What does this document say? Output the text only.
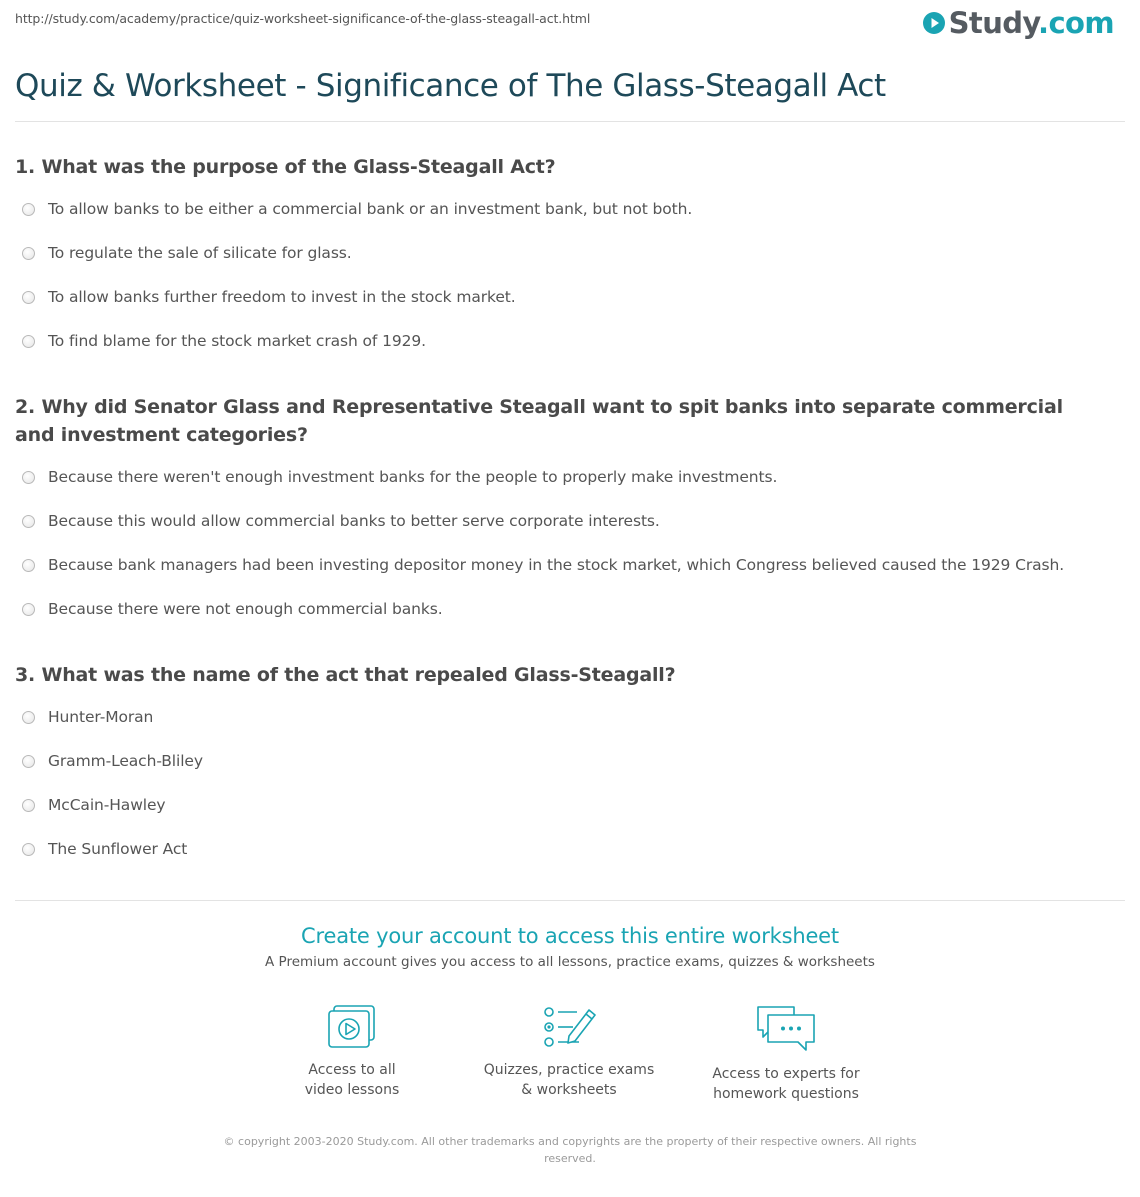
http://study.com/academy/practice/quiz-worksheet-significance-of-the-glass-steagall-act.html	Study.com
Quiz & Worksheet - Significance of The Glass-Steagall Act
1. What was the purpose of the Glass-Steagall Act?
To allow banks to be either a commercial bank or an investment bank, but not both.
To regulate the sale of silicate for glass.
To allow banks further freedom to invest in the stock market.
To find blame for the stock market crash of 1929.
2. Why did Senator Glass and Representative Steagall want to spit banks into separate commercial and investment categories?
Because there weren't enough investment banks for the people to properly make investments.
Because this would allow commercial banks to better serve corporate interests.
Because bank managers had been investing depositor money in the stock market, which Congress believed caused the 1929 Crash.
Because there were not enough commercial banks.
3. What was the name of the act that repealed Glass-Steagall?
Hunter-Moran
Gramm-Leach-Bliley
McCain-Hawley
The Sunflower Act
Create your account to access this entire worksheet
A Premium account gives you access to all lessons, practice exams, quizzes & worksheets
Access to all
video lessons
Quizzes, practice exams
& worksheets
Access to experts for
homework questions
© copyright 2003-2020 Study.com. All other trademarks and copyrights are the property of their respective owners. All rights reserved.
